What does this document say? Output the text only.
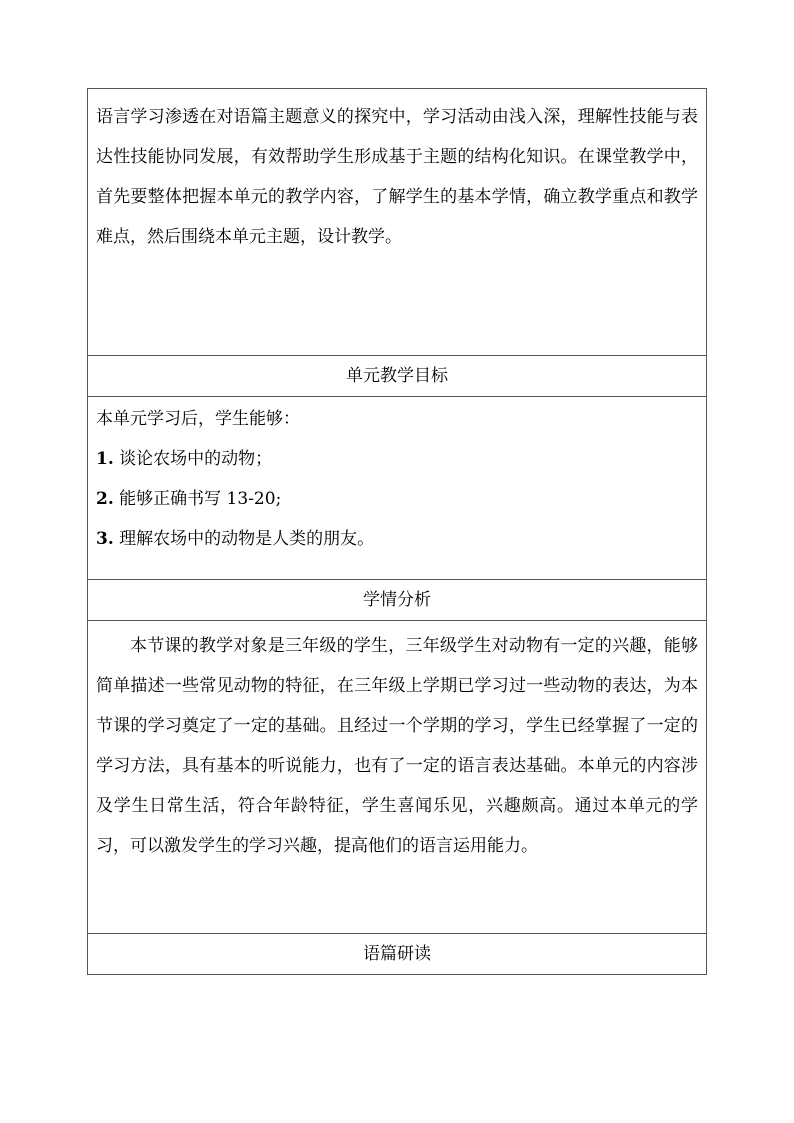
语言学习渗透在对语篇主题意义的探究中，学习活动由浅入深，理解性技能与表达性技能协同发展，有效帮助学生形成基于主题的结构化知识。在课堂教学中，首先要整体把握本单元的教学内容，了解学生的基本学情，确立教学重点和教学难点，然后围绕本单元主题，设计教学。

单元教学目标

本单元学习后，学生能够：

1. 谈论农场中的动物；

2. 能够正确书写 13-20;

3. 理解农场中的动物是人类的朋友。

学情分析

本节课的教学对象是三年级的学生，三年级学生对动物有一定的兴趣，能够简单描述一些常见动物的特征，在三年级上学期已学习过一些动物的表达，为本节课的学习奠定了一定的基础。且经过一个学期的学习，学生已经掌握了一定的学习方法，具有基本的听说能力，也有了一定的语言表达基础。本单元的内容涉及学生日常生活，符合年龄特征，学生喜闻乐见，兴趣颇高。通过本单元的学习，可以激发学生的学习兴趣，提高他们的语言运用能力。

语篇研读
